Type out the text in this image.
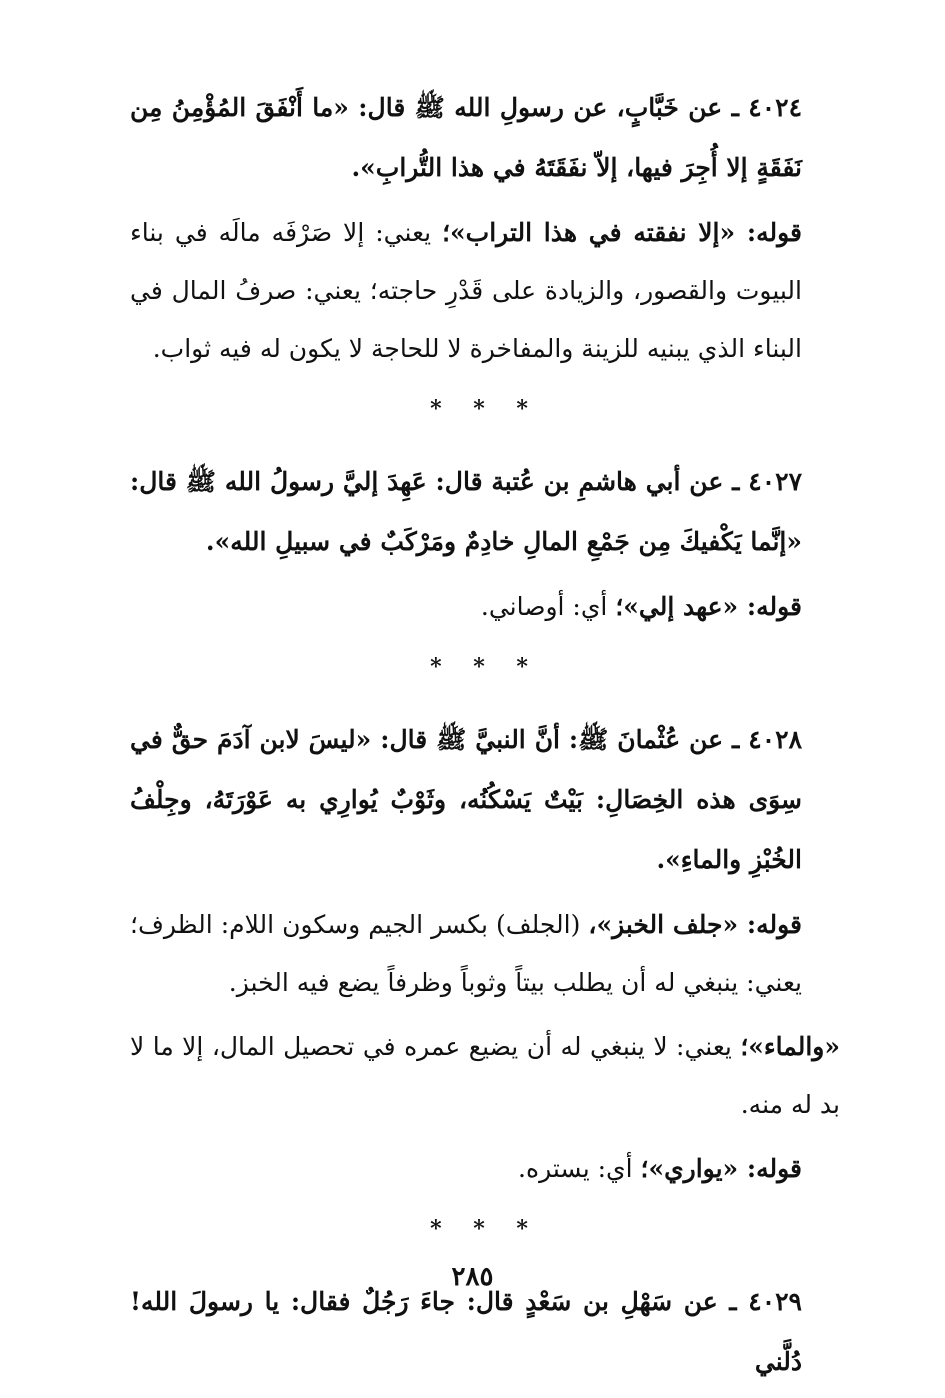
٤٠٢٤ ـ عن خَبَّابٍ، عن رسولِ الله ﷺ قال: «ما أَنْفَقَ المُؤْمِنُ مِن نَفَقَةٍ إلا أُجِرَ فيها، إلاّ نفَقَتَهُ في هذا التُّرابِ».

قوله: «إلا نفقته في هذا التراب»؛ يعني: إلا صَرْفَه مالَه في بناء البيوت والقصور، والزيادة على قَدْرِ حاجته؛ يعني: صرفُ المال في البناء الذي يبنيه للزينة والمفاخرة لا للحاجة لا يكون له فيه ثواب.

* * *

٤٠٢٧ ـ عن أبي هاشمِ بن عُتبة قال: عَهِدَ إليَّ رسولُ الله ﷺ قال: «إنَّما يَكْفيكَ مِن جَمْعِ المالِ خادِمٌ ومَرْكَبٌ في سبيلِ الله».

قوله: «عهد إلي»؛ أي: أوصاني.

* * *

٤٠٢٨ ـ عن عُثْمانَ ﷺ: أنَّ النبيَّ ﷺ قال: «ليسَ لابن آدَمَ حقٌّ في سِوَى هذه الخِصَالِ: بَيْتٌ يَسْكُنُه، وثَوْبٌ يُوارِي به عَوْرَتَهُ، وجِلْفُ الخُبْزِ والماءِ».

قوله: «جلف الخبز»، (الجلف) بكسر الجيم وسكون اللام: الظرف؛ يعني: ينبغي له أن يطلب بيتاً وثوباً وظرفاً يضع فيه الخبز.

«والماء»؛ يعني: لا ينبغي له أن يضيع عمره في تحصيل المال، إلا ما لا بد له منه.

قوله: «يواري»؛ أي: يستره.

* * *

٤٠٢٩ ـ عن سَهْلِ بن سَعْدٍ قال: جاءَ رَجُلٌ فقال: يا رسولَ الله! دُلَّني

٢٨٥
